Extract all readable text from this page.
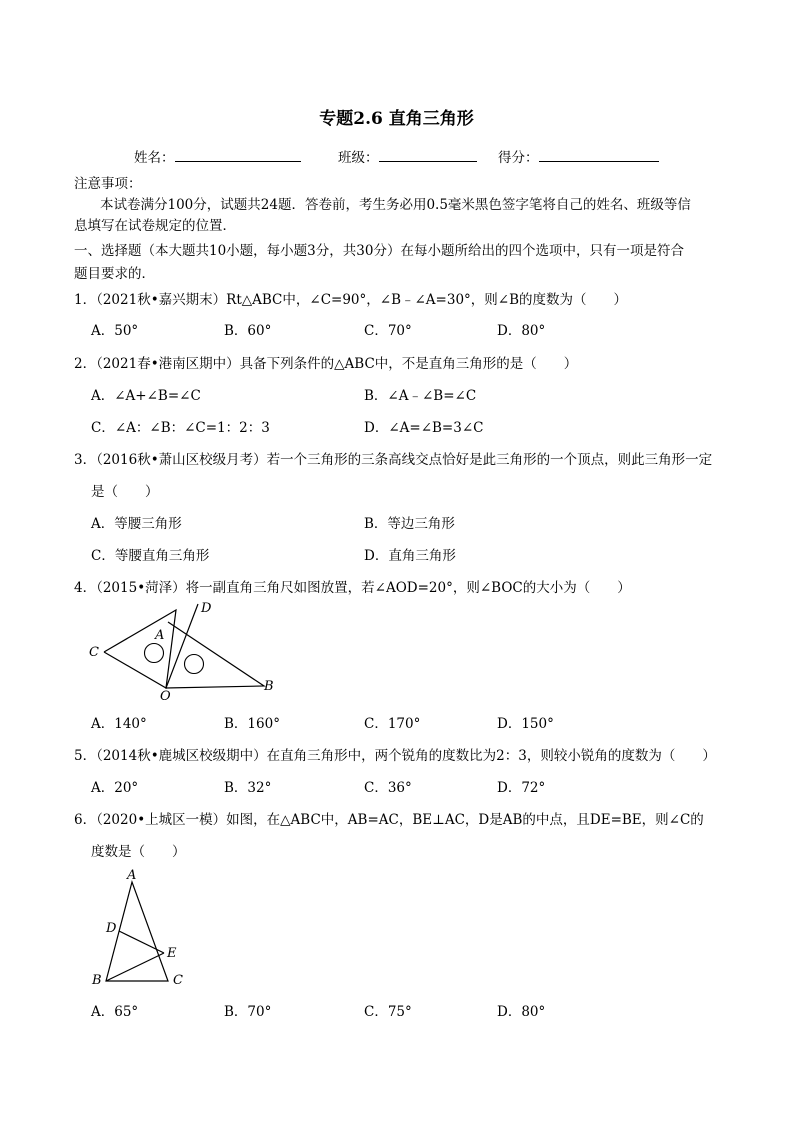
专题2.6 直角三角形
姓名：	班级：	得分：
注意事项：
本试卷满分100分，试题共24题．答卷前，考生务必用0.5毫米黑色签字笔将自己的姓名、班级等信
息填写在试卷规定的位置．
一、选择题（本大题共10小题，每小题3分，共30分）在每小题所给出的四个选项中，只有一项是符合
题目要求的．
1．（2021秋•嘉兴期末）Rt△ABC中，∠C=90°，∠B﹣∠A=30°，则∠B的度数为（　　）
A．50°	B．60°	C．70°	D．80°
2．（2021春•港南区期中）具备下列条件的△ABC中，不是直角三角形的是（　　）
A．∠A+∠B=∠C	B．∠A﹣∠B=∠C
C．∠A：∠B：∠C=1：2：3	D．∠A=∠B=3∠C
3．（2016秋•萧山区校级月考）若一个三角形的三条高线交点恰好是此三角形的一个顶点，则此三角形一定
是（　　）
A．等腰三角形	B．等边三角形
C．等腰直角三角形	D．直角三角形
4．（2015•菏泽）将一副直角三角尺如图放置，若∠AOD=20°，则∠BOC的大小为（　　）
D
A
C
O
B
A．140°	B．160°	C．170°	D．150°
5．（2014秋•鹿城区校级期中）在直角三角形中，两个锐角的度数比为2：3，则较小锐角的度数为（　　）
A．20°	B．32°	C．36°	D．72°
6．（2020•上城区一模）如图，在△ABC中，AB=AC，BE⊥AC，D是AB的中点，且DE=BE，则∠C的
度数是（　　）
A
D
E
B	C
A．65°	B．70°	C．75°	D．80°
